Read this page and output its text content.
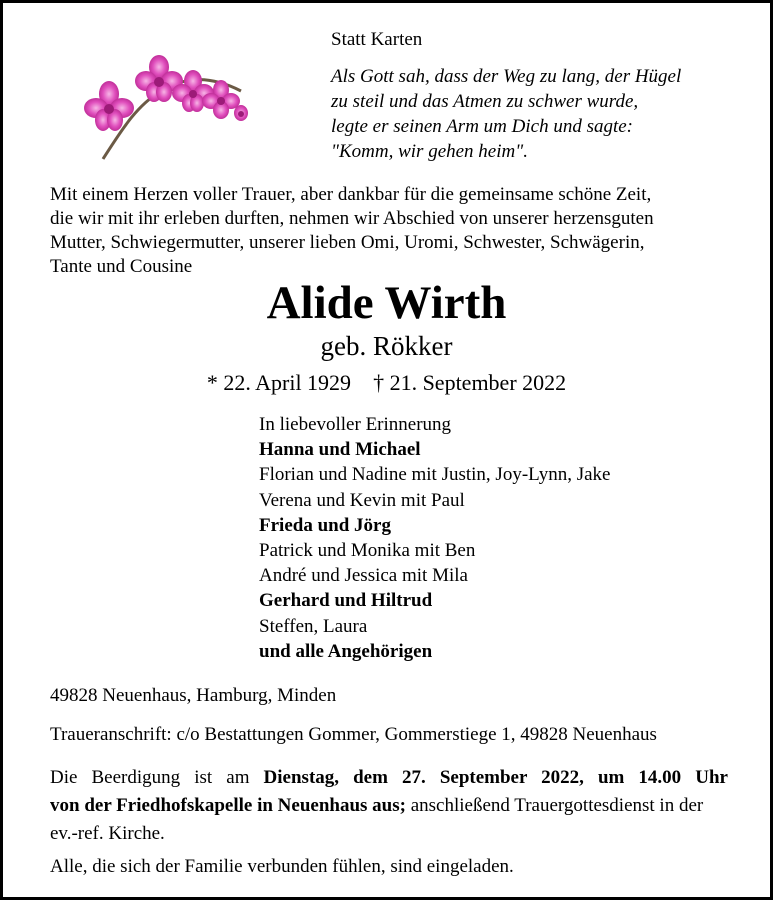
Statt Karten
Als Gott sah, dass der Weg zu lang, der Hügel
zu steil und das Atmen zu schwer wurde,
legte er seinen Arm um Dich und sagte:
"Komm, wir gehen heim".
Mit einem Herzen voller Trauer, aber dankbar für die gemeinsame schöne Zeit,
die wir mit ihr erleben durften, nehmen wir Abschied von unserer herzensguten
Mutter, Schwiegermutter, unserer lieben Omi, Uromi, Schwester, Schwägerin,
Tante und Cousine
Alide Wirth
geb. Rökker
* 22. April 1929 † 21. September 2022
In liebevoller Erinnerung
Hanna und Michael
Florian und Nadine mit Justin, Joy-Lynn, Jake
Verena und Kevin mit Paul
Frieda und Jörg
Patrick und Monika mit Ben
André und Jessica mit Mila
Gerhard und Hiltrud
Steffen, Laura
und alle Angehörigen
49828 Neuenhaus, Hamburg, Minden
Traueranschrift: c/o Bestattungen Gommer, Gommerstiege 1, 49828 Neuenhaus
Die Beerdigung ist am Dienstag, dem 27. September 2022, um 14.00 Uhr
von der Friedhofskapelle in Neuenhaus aus; anschließend Trauergottesdienst in der ev.-ref. Kirche.
Alle, die sich der Familie verbunden fühlen, sind eingeladen.
